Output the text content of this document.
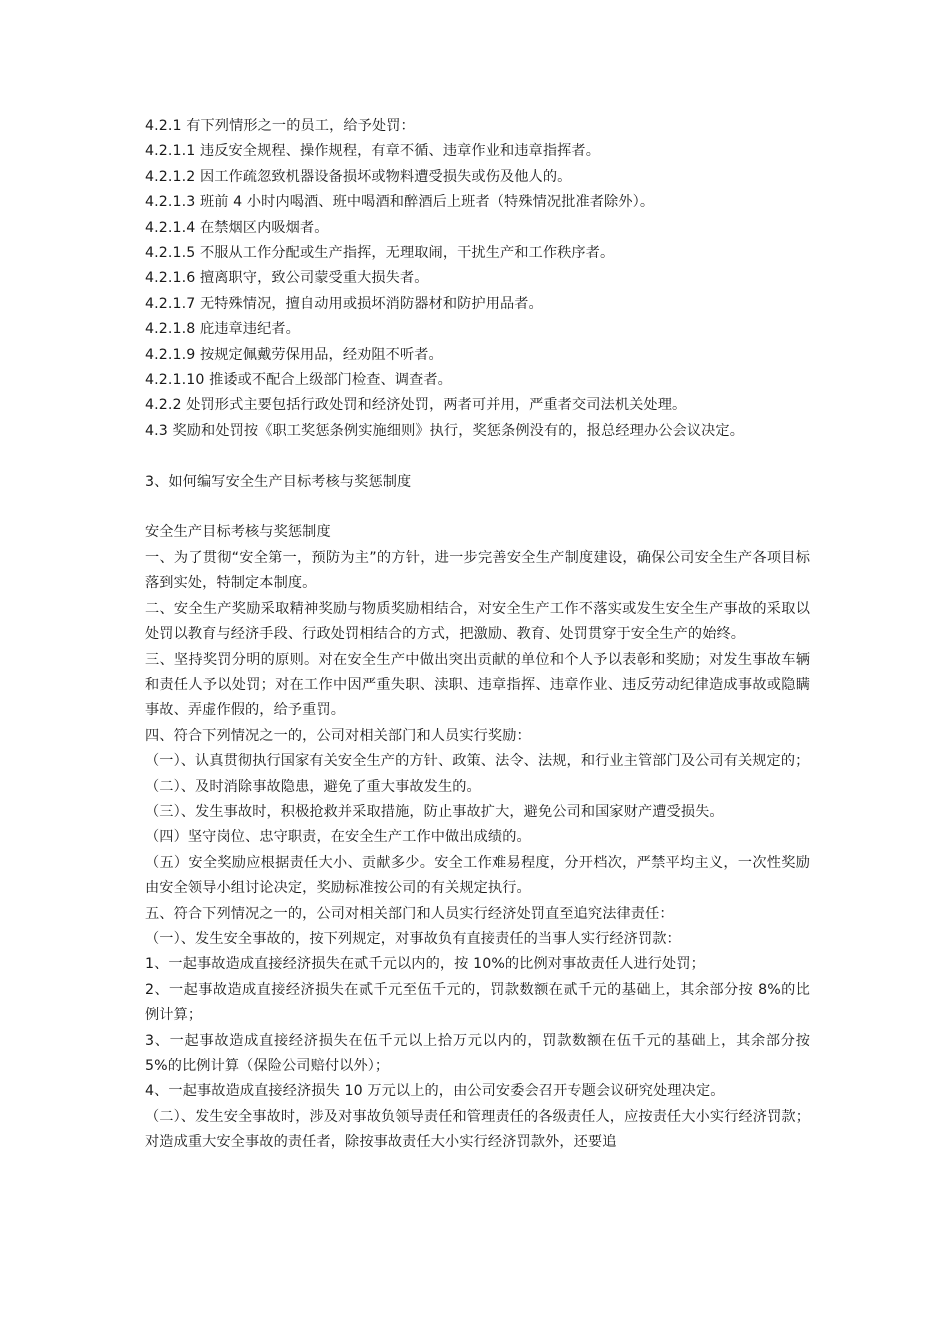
4.2.1 有下列情形之一的员工，给予处罚：
4.2.1.1 违反安全规程、操作规程，有章不循、违章作业和违章指挥者。
4.2.1.2 因工作疏忽致机器设备损坏或物料遭受损失或伤及他人的。
4.2.1.3 班前 4 小时内喝酒、班中喝酒和醉酒后上班者（特殊情况批准者除外）。
4.2.1.4 在禁烟区内吸烟者。
4.2.1.5 不服从工作分配或生产指挥，无理取闹，干扰生产和工作秩序者。
4.2.1.6 擅离职守，致公司蒙受重大损失者。
4.2.1.7 无特殊情况，擅自动用或损坏消防器材和防护用品者。
4.2.1.8 庇违章违纪者。
4.2.1.9 按规定佩戴劳保用品，经劝阻不听者。
4.2.1.10 推诿或不配合上级部门检查、调查者。
4.2.2 处罚形式主要包括行政处罚和经济处罚，两者可并用，严重者交司法机关处理。
4.3 奖励和处罚按《职工奖惩条例实施细则》执行，奖惩条例没有的，报总经理办公会议决定。
3、如何编写安全生产目标考核与奖惩制度
安全生产目标考核与奖惩制度
一、为了贯彻“安全第一，预防为主”的方针，进一步完善安全生产制度建设，确保公司安全生产各项目标落到实处，特制定本制度。
二、安全生产奖励采取精神奖励与物质奖励相结合，对安全生产工作不落实或发生安全生产事故的采取以处罚以教育与经济手段、行政处罚相结合的方式，把激励、教育、处罚贯穿于安全生产的始终。
三、坚持奖罚分明的原则。对在安全生产中做出突出贡献的单位和个人予以表彰和奖励；对发生事故车辆和责任人予以处罚；对在工作中因严重失职、渎职、违章指挥、违章作业、违反劳动纪律造成事故或隐瞒事故、弄虚作假的，给予重罚。
四、符合下列情况之一的，公司对相关部门和人员实行奖励：
（一）、认真贯彻执行国家有关安全生产的方针、政策、法令、法规，和行业主管部门及公司有关规定的；
（二）、及时消除事故隐患，避免了重大事故发生的。
（三）、发生事故时，积极抢救并采取措施，防止事故扩大，避免公司和国家财产遭受损失。
（四）坚守岗位、忠守职责，在安全生产工作中做出成绩的。
（五）安全奖励应根据责任大小、贡献多少。安全工作难易程度，分开档次，严禁平均主义，一次性奖励由安全领导小组讨论决定，奖励标准按公司的有关规定执行。
五、符合下列情况之一的，公司对相关部门和人员实行经济处罚直至追究法律责任：
（一）、发生安全事故的，按下列规定，对事故负有直接责任的当事人实行经济罚款：
1、一起事故造成直接经济损失在贰千元以内的，按 10%的比例对事故责任人进行处罚；
2、一起事故造成直接经济损失在贰千元至伍千元的，罚款数额在贰千元的基础上，其余部分按 8%的比例计算；
3、一起事故造成直接经济损失在伍千元以上拾万元以内的，罚款数额在伍千元的基础上，其余部分按 5%的比例计算（保险公司赔付以外）；
4、一起事故造成直接经济损失 10 万元以上的，由公司安委会召开专题会议研究处理决定。
（二）、发生安全事故时，涉及对事故负领导责任和管理责任的各级责任人，应按责任大小实行经济罚款；对造成重大安全事故的责任者，除按事故责任大小实行经济罚款外，还要追
